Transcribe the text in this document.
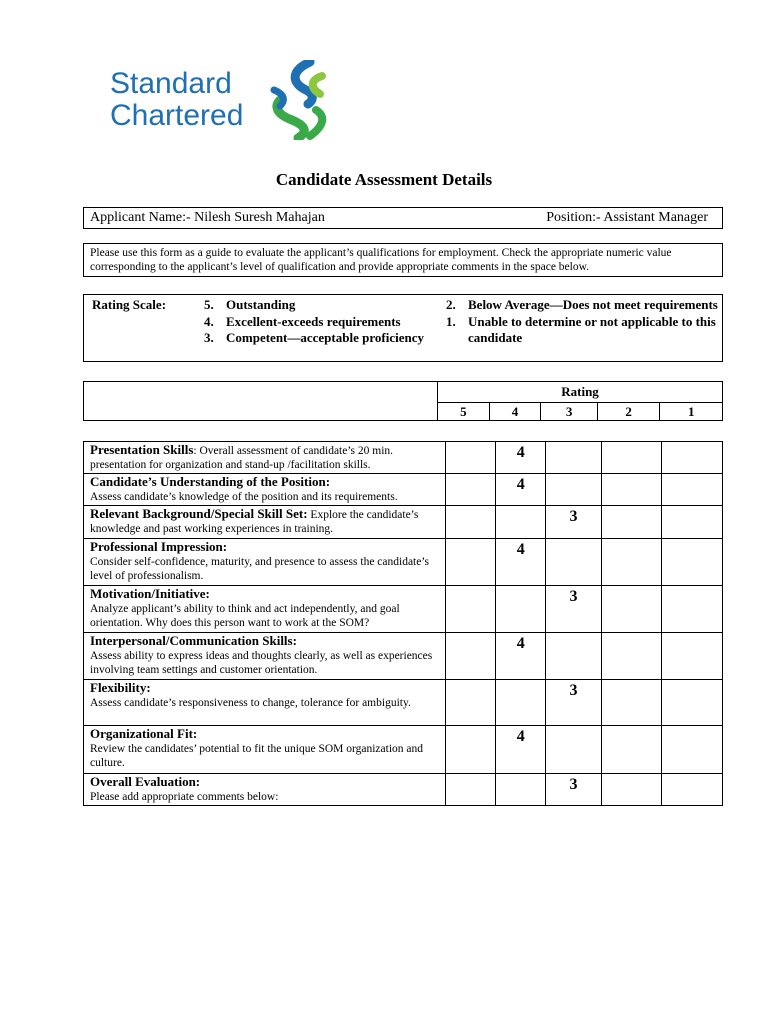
Standard
Chartered
Candidate Assessment Details
Applicant Name:- Nilesh Suresh Mahajan	Position:- Assistant Manager
Please use this form as a guide to evaluate the applicant’s qualifications for employment. Check the appropriate numeric value corresponding to the applicant’s level of qualification and provide appropriate comments in the space below.
Rating Scale:	5. Outstanding
4. Excellent-exceeds requirements
3. Competent—acceptable proficiency
2. Below Average—Does not meet requirements
1. Unable to determine or not applicable to this candidate
	Rating				
	5	4	3	2	1
Presentation Skills: Overall assessment of candidate’s 20 min. presentation for organization and stand-up /facilitation skills.		4			
Candidate’s Understanding of the Position:
Assess candidate’s knowledge of the position and its requirements.		4			
Relevant Background/Special Skill Set: Explore the candidate’s knowledge and past working experiences in training.			3		
Professional Impression:
Consider self-confidence, maturity, and presence to assess the candidate’s level of professionalism.		4			
Motivation/Initiative:
Analyze applicant’s ability to think and act independently, and goal orientation. Why does this person want to work at the SOM?			3		
Interpersonal/Communication Skills:
Assess ability to express ideas and thoughts clearly, as well as experiences involving team settings and customer orientation.		4			
Flexibility:
Assess candidate’s responsiveness to change, tolerance for ambiguity.			3		
Organizational Fit:
Review the candidates’ potential to fit the unique SOM organization and culture.		4			
Overall Evaluation:
Please add appropriate comments below:			3		
